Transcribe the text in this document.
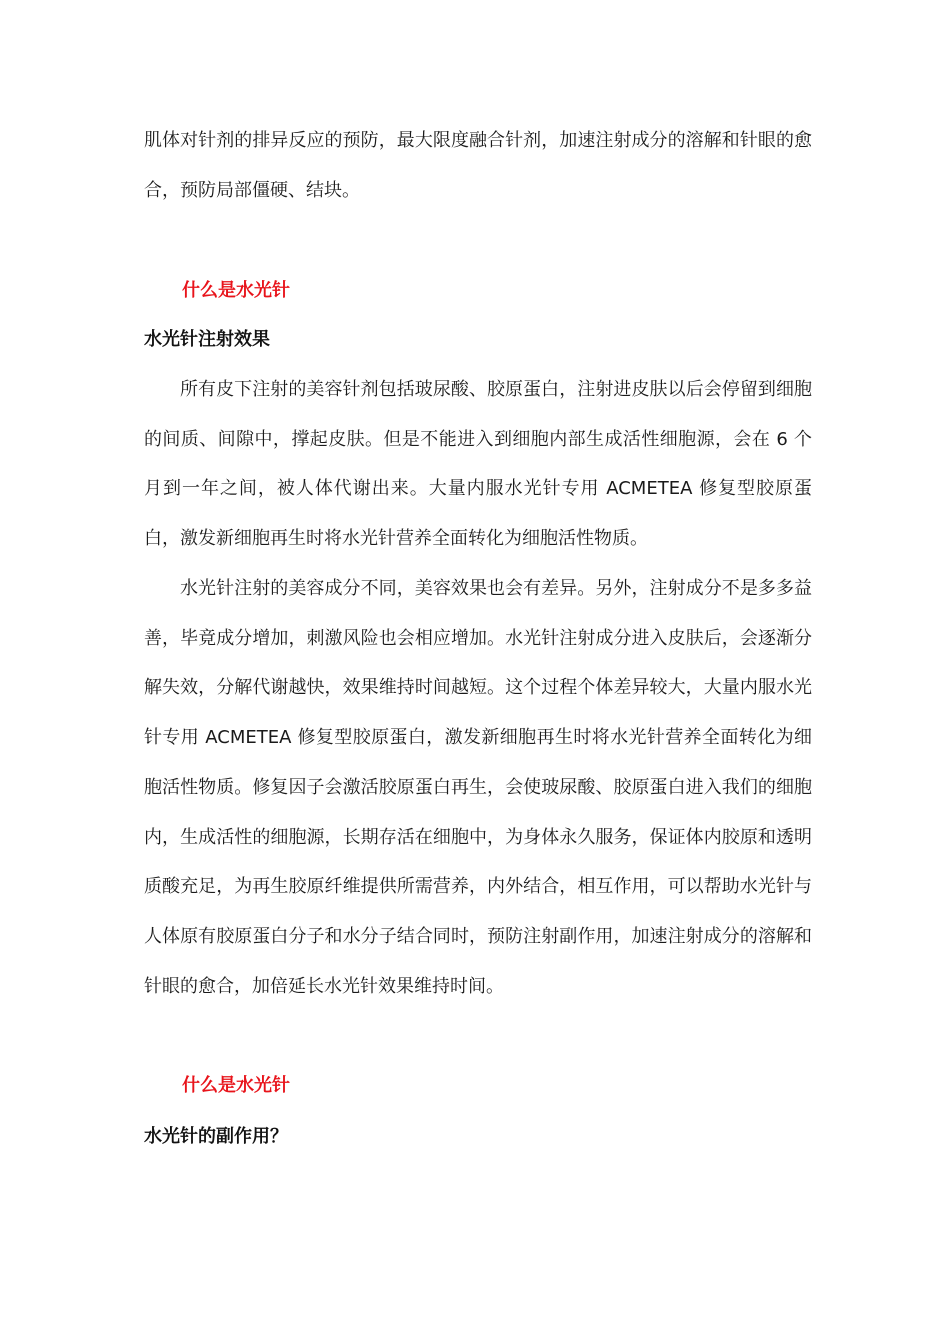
肌体对针剂的排异反应的预防，最大限度融合针剂，加速注射成分的溶解和针眼的愈合，预防局部僵硬、结块。

什么是水光针
水光针注射效果

所有皮下注射的美容针剂包括玻尿酸、胶原蛋白，注射进皮肤以后会停留到细胞的间质、间隙中，撑起皮肤。但是不能进入到细胞内部生成活性细胞源，会在 6 个月到一年之间，被人体代谢出来。大量内服水光针专用 ACMETEA 修复型胶原蛋白，激发新细胞再生时将水光针营养全面转化为细胞活性物质。

水光针注射的美容成分不同，美容效果也会有差异。另外，注射成分不是多多益善，毕竟成分增加，刺激风险也会相应增加。水光针注射成分进入皮肤后，会逐渐分解失效，分解代谢越快，效果维持时间越短。这个过程个体差异较大，大量内服水光针专用 ACMETEA 修复型胶原蛋白，激发新细胞再生时将水光针营养全面转化为细胞活性物质。修复因子会激活胶原蛋白再生，会使玻尿酸、胶原蛋白进入我们的细胞内，生成活性的细胞源，长期存活在细胞中，为身体永久服务，保证体内胶原和透明质酸充足，为再生胶原纤维提供所需营养，内外结合，相互作用，可以帮助水光针与人体原有胶原蛋白分子和水分子结合同时，预防注射副作用，加速注射成分的溶解和针眼的愈合，加倍延长水光针效果维持时间。

什么是水光针
水光针的副作用？
